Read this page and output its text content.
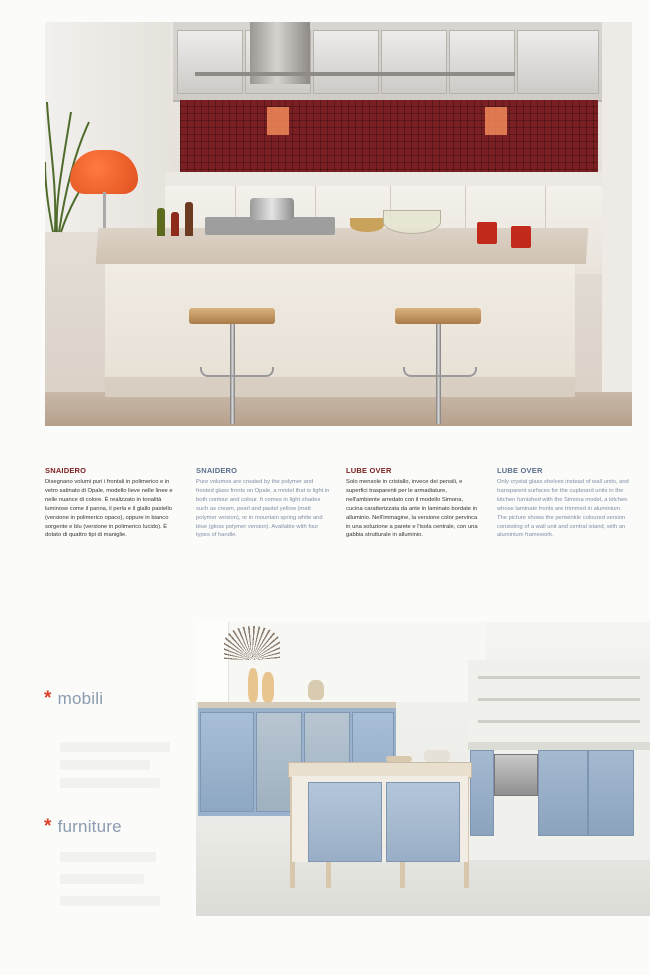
SNAIDERO
Disegnano volumi puri i frontali in polimerico e in vetro satinato di Opale, modello lieve nelle linee e nelle nuance di colore. È realizzato in tonalità luminose come il panna, il perla e il giallo pastello (versione in polimerico opaco), oppure in bianco sorgente e blu (versione in polimerico lucido). È dotato di quattro tipi di maniglie.
SNAIDERO
Pure volumes are created by the polymer and frosted glass fronts on Opale, a model that is light in both contour and colour. It comes in light shades such as cream, pearl and pastel yellow (matt polymer version), or in mountain spring white and blue (gloss polymer version). Available with four types of handle.
LUBE OVER
Solo mensole in cristallo, invece dei pensili, e superfici trasparenti per le armadiature, nell'ambiente arredato con il modello Simona, cucina caratterizzata da ante in laminato bordate in alluminio. Nell'immagine, la versione color pervinca in una soluzione a parete e l'isola centrale, con una gabbia strutturale in alluminio.
LUBE OVER
Only crystal glass shelves instead of wall units, and transparent surfaces for the cupboard units in the kitchen furnished with the Simona model, a kitchen whose laminate fronts are trimmed in aluminium. The picture shows the periwinkle coloured version consisting of a wall unit and central island, with an aluminium framework.
* mobili
* furniture
